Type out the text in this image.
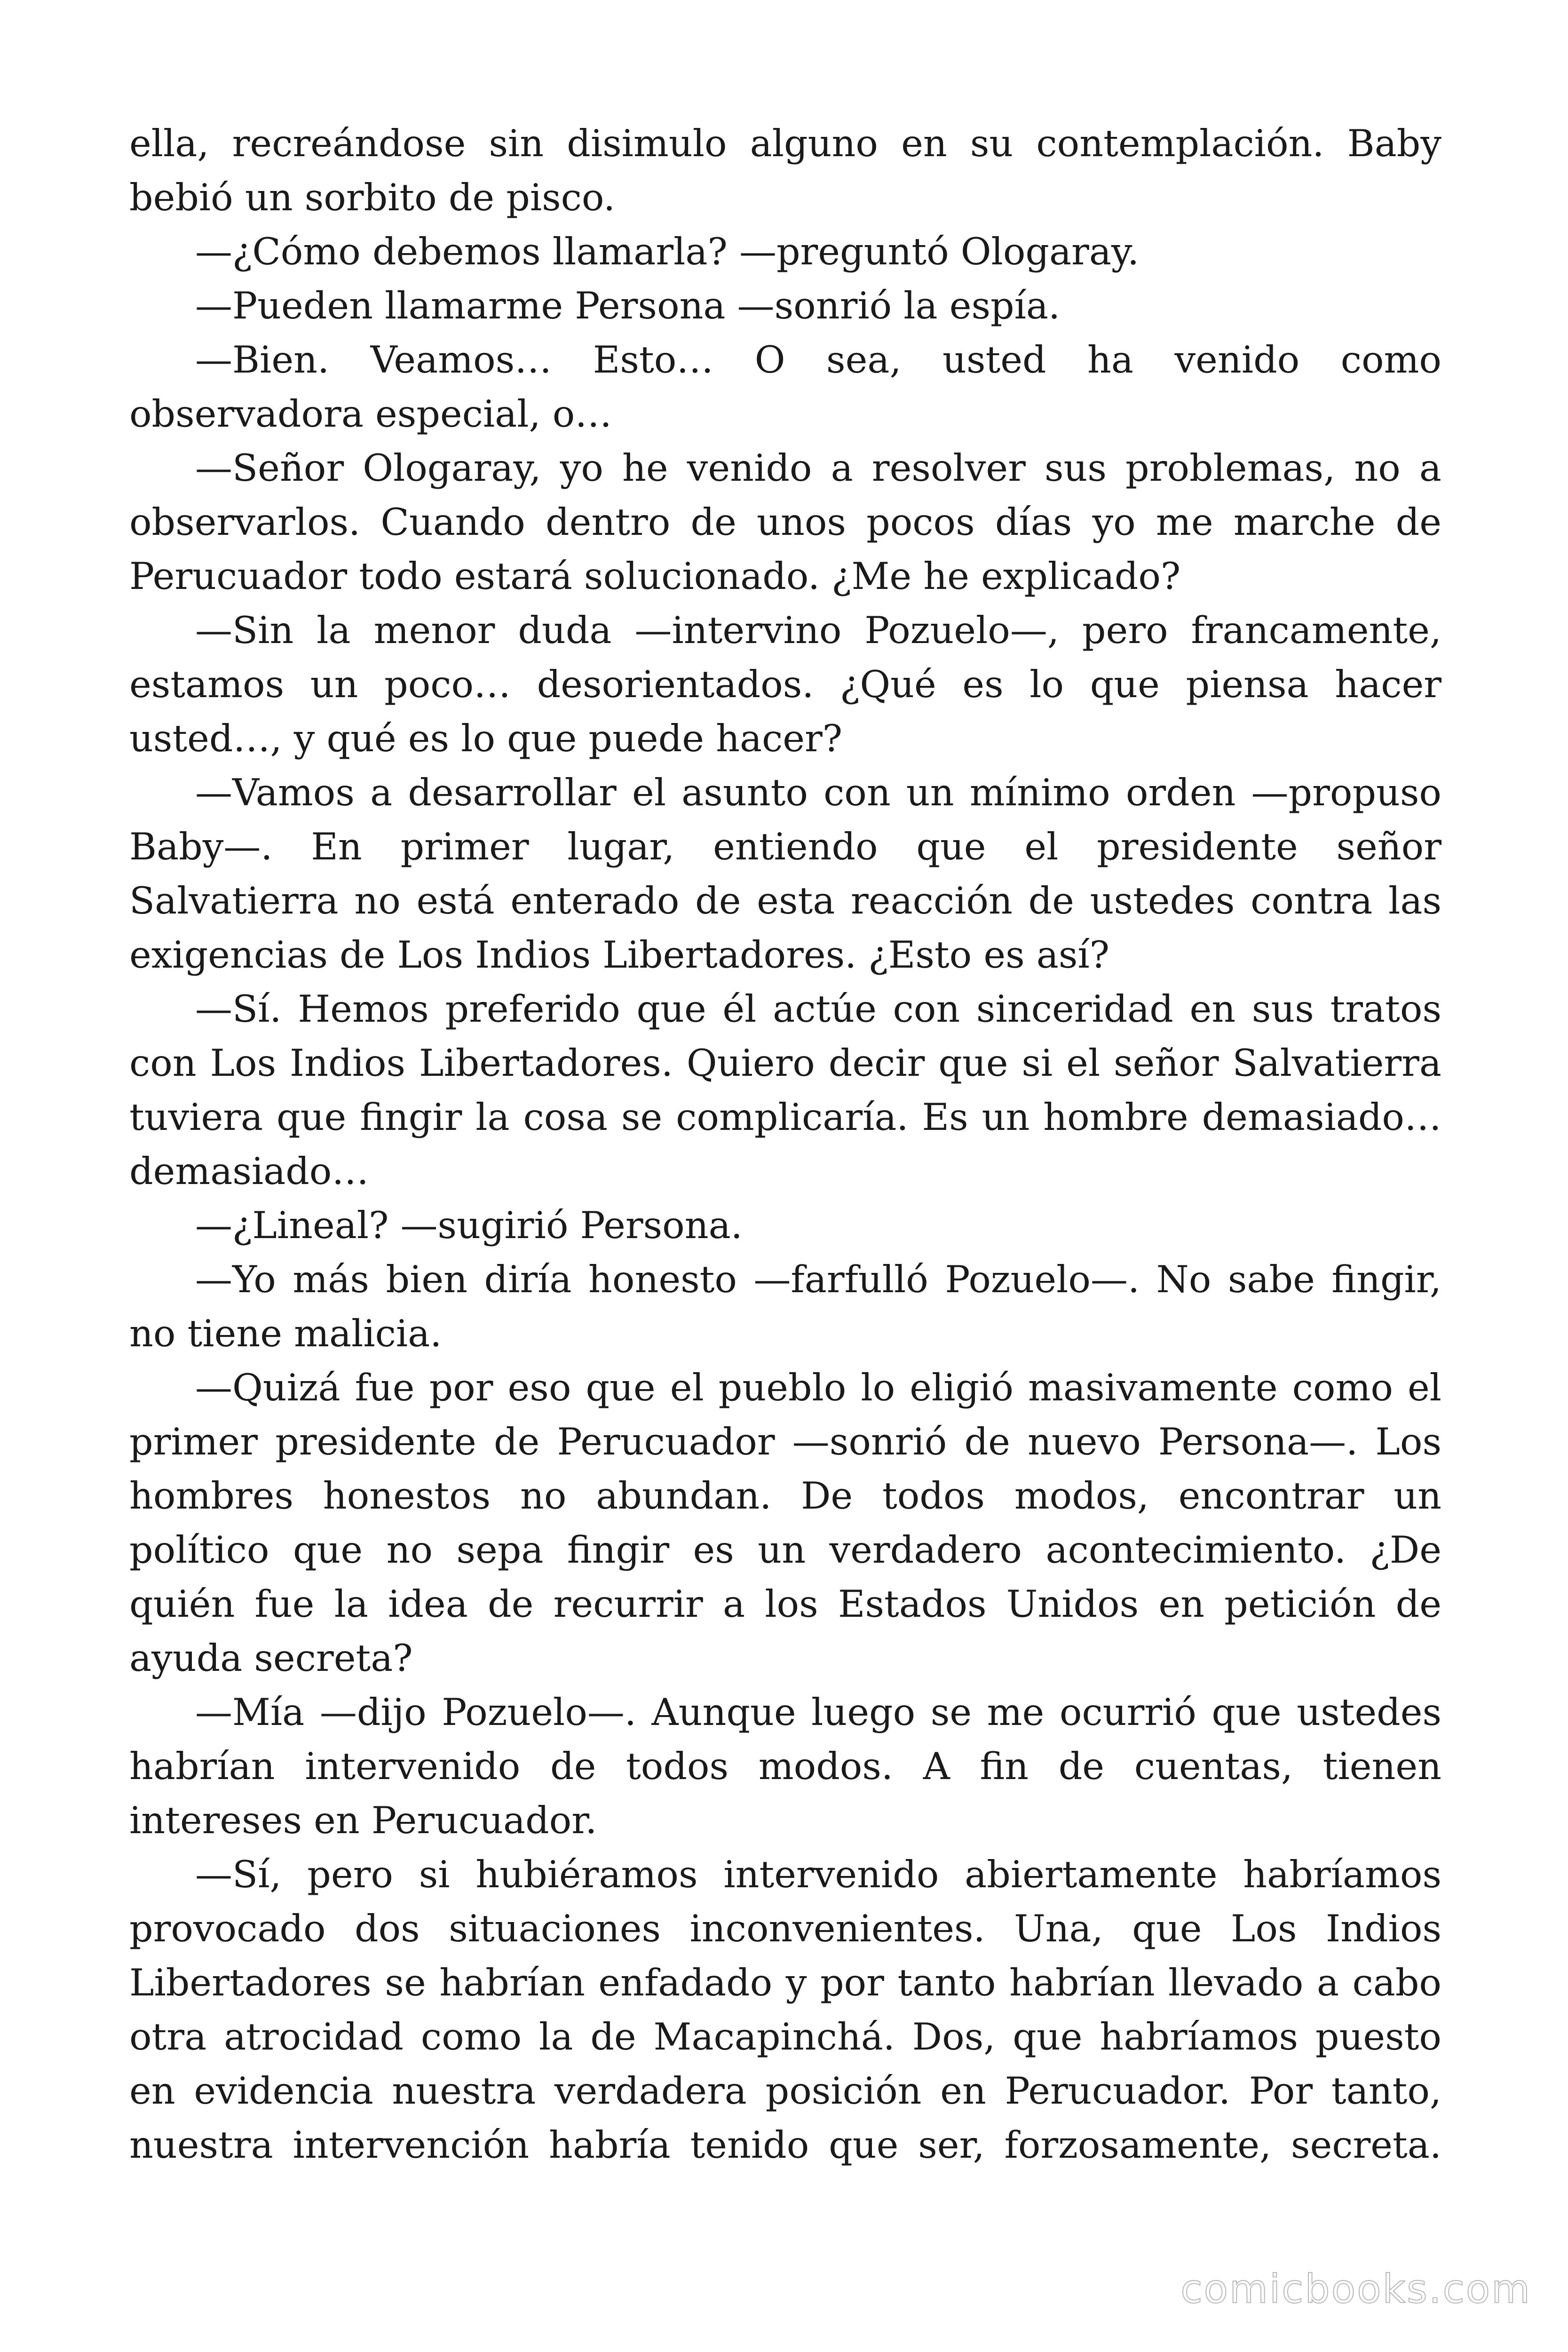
ella, recreándose sin disimulo alguno en su contemplación. Baby bebió un sorbito de pisco.

—¿Cómo debemos llamarla? —preguntó Ologaray.

—Pueden llamarme Persona —sonrió la espía.

—Bien. Veamos… Esto… O sea, usted ha venido como observadora especial, o…

—Señor Ologaray, yo he venido a resolver sus problemas, no a observarlos. Cuando dentro de unos pocos días yo me marche de Perucuador todo estará solucionado. ¿Me he explicado?

—Sin la menor duda —intervino Pozuelo—, pero francamente, estamos un poco… desorientados. ¿Qué es lo que piensa hacer usted…, y qué es lo que puede hacer?

—Vamos a desarrollar el asunto con un mínimo orden —propuso Baby—. En primer lugar, entiendo que el presidente señor Salvatierra no está enterado de esta reacción de ustedes contra las exigencias de Los Indios Libertadores. ¿Esto es así?

—Sí. Hemos preferido que él actúe con sinceridad en sus tratos con Los Indios Libertadores. Quiero decir que si el señor Salvatierra tuviera que fingir la cosa se complicaría. Es un hombre demasiado… demasiado…

—¿Lineal? —sugirió Persona.

—Yo más bien diría honesto —farfulló Pozuelo—. No sabe fingir, no tiene malicia.

—Quizá fue por eso que el pueblo lo eligió masivamente como el primer presidente de Perucuador —sonrió de nuevo Persona—. Los hombres honestos no abundan. De todos modos, encontrar un político que no sepa fingir es un verdadero acontecimiento. ¿De quién fue la idea de recurrir a los Estados Unidos en petición de ayuda secreta?

—Mía —dijo Pozuelo—. Aunque luego se me ocurrió que ustedes habrían intervenido de todos modos. A fin de cuentas, tienen intereses en Perucuador.

—Sí, pero si hubiéramos intervenido abiertamente habríamos provocado dos situaciones inconvenientes. Una, que Los Indios Libertadores se habrían enfadado y por tanto habrían llevado a cabo otra atrocidad como la de Macapinchá. Dos, que habríamos puesto en evidencia nuestra verdadera posición en Perucuador. Por tanto, nuestra intervención habría tenido que ser, forzosamente, secreta.

comicbooks.com
